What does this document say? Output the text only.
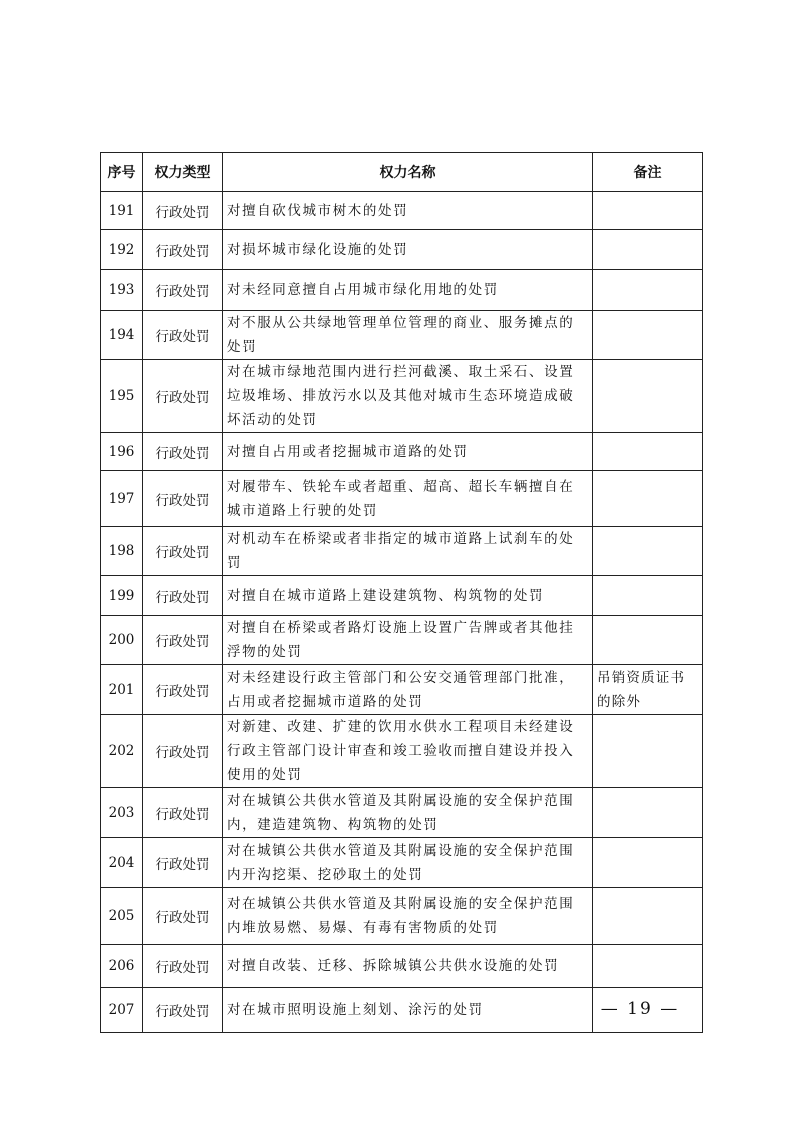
序号	权力类型	权力名称	备注
191	行政处罚	对擅自砍伐城市树木的处罚	
192	行政处罚	对损坏城市绿化设施的处罚	
193	行政处罚	对未经同意擅自占用城市绿化用地的处罚	
194	行政处罚	对不服从公共绿地管理单位管理的商业、服务摊点的处罚	
195	行政处罚	对在城市绿地范围内进行拦河截溪、取土采石、设置垃圾堆场、排放污水以及其他对城市生态环境造成破坏活动的处罚	
196	行政处罚	对擅自占用或者挖掘城市道路的处罚	
197	行政处罚	对履带车、铁轮车或者超重、超高、超长车辆擅自在城市道路上行驶的处罚	
198	行政处罚	对机动车在桥梁或者非指定的城市道路上试刹车的处罚	
199	行政处罚	对擅自在城市道路上建设建筑物、构筑物的处罚	
200	行政处罚	对擅自在桥梁或者路灯设施上设置广告牌或者其他挂浮物的处罚	
201	行政处罚	对未经建设行政主管部门和公安交通管理部门批准，占用或者挖掘城市道路的处罚	吊销资质证书的除外
202	行政处罚	对新建、改建、扩建的饮用水供水工程项目未经建设行政主管部门设计审查和竣工验收而擅自建设并投入使用的处罚	
203	行政处罚	对在城镇公共供水管道及其附属设施的安全保护范围内，建造建筑物、构筑物的处罚	
204	行政处罚	对在城镇公共供水管道及其附属设施的安全保护范围内开沟挖渠、挖砂取土的处罚	
205	行政处罚	对在城镇公共供水管道及其附属设施的安全保护范围内堆放易燃、易爆、有毒有害物质的处罚	
206	行政处罚	对擅自改装、迁移、拆除城镇公共供水设施的处罚	
207	行政处罚	对在城市照明设施上刻划、涂污的处罚		— 19 —
